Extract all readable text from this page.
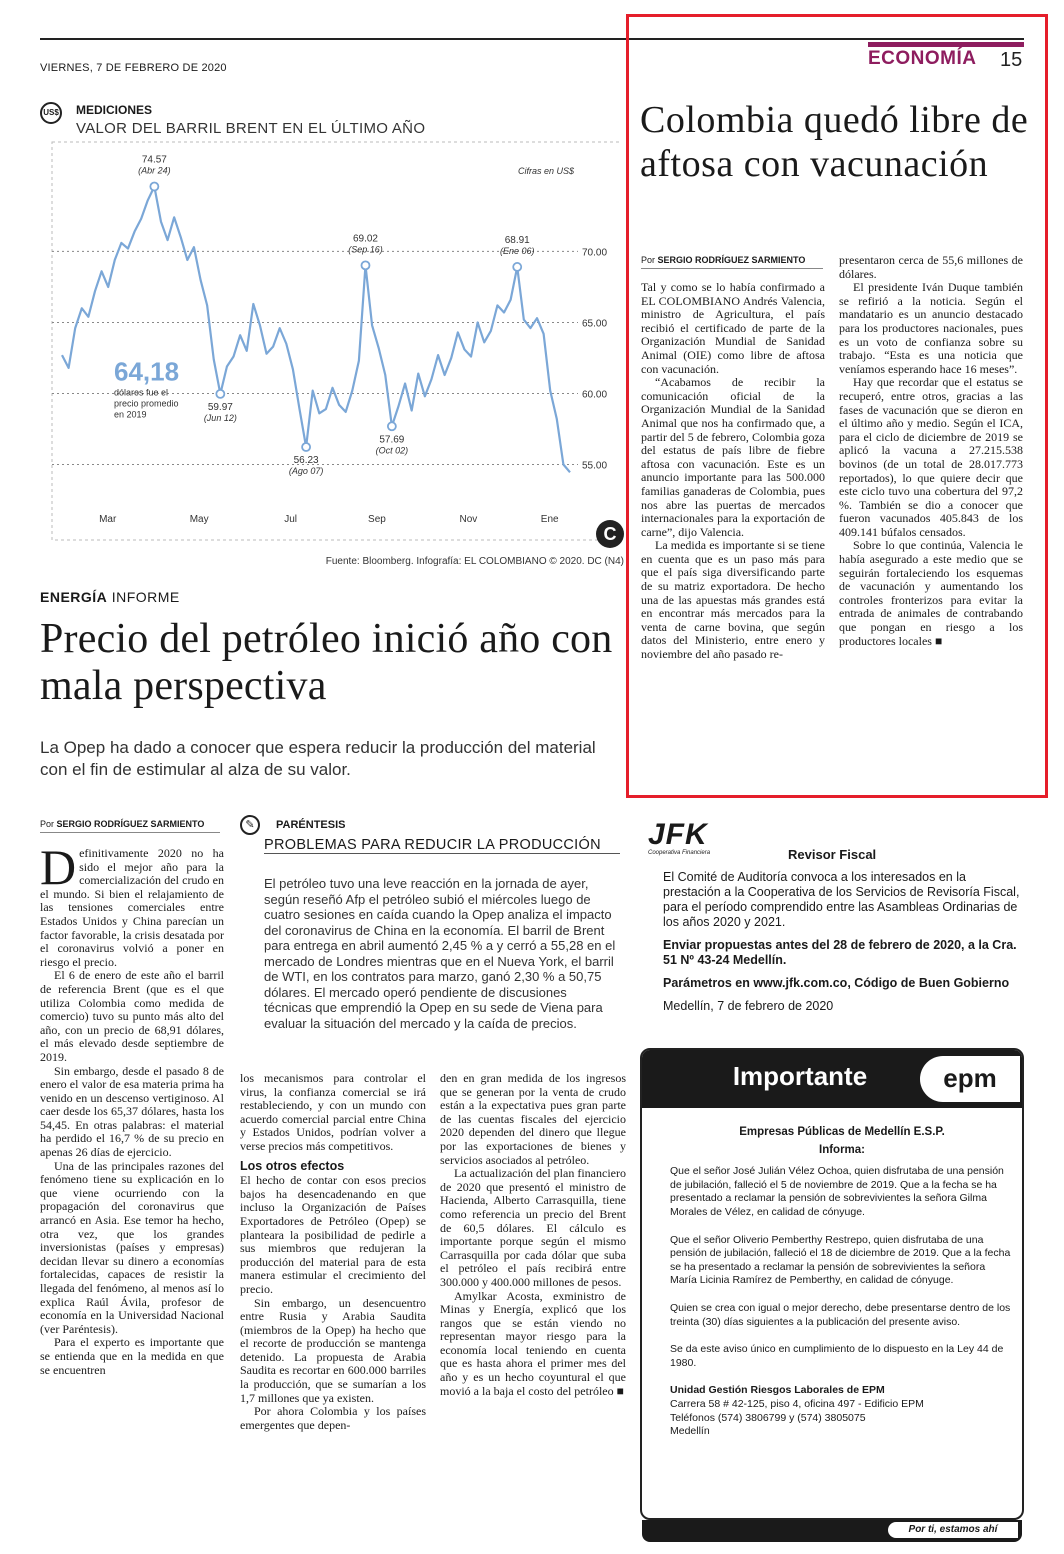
VIERNES, 7 DE FEBRERO DE 2020	ECONOMÍA 15
US$ MEDICIONES
VALOR DEL BARRIL BRENT EN EL ÚLTIMO AÑO
70.00
65.00
60.00
55.00
Mar	May	Jul	Sep	Nov	Ene
Cifras en US$
74.57
(Abr 24)
59.97
(Jun 12)
56.23
(Ago 07)
69.02
(Sep 16)
57.69
(Oct 02)
68.91
(Ene 06)
64,18
dólares fue el
precio promedio
en 2019
Fuente: Bloomberg. Infografía: EL COLOMBIANO © 2020. DC (N4)
C
ENERGÍA INFORME
Precio del petróleo inició año con mala perspectiva
La Opep ha dado a conocer que espera reducir la producción del material con el fin de estimular al alza de su valor.
Por SERGIO RODRÍGUEZ SARMIENTO
D efinitivamente 2020 no ha sido el mejor año para la comercialización del crudo en el mundo. Si bien el relajamiento de las tensiones comerciales entre Estados Unidos y China parecían un factor favorable, la crisis desatada por el coronavirus volvió a poner en riesgo el precio.

El 6 de enero de este año el barril de referencia Brent (que es el que utiliza Colombia como medida de comercio) tuvo su punto más alto del año, con un precio de 68,91 dólares, el más elevado desde septiembre de 2019.

Sin embargo, desde el pasado 8 de enero el valor de esa materia prima ha venido en un descenso vertiginoso. Al caer desde los 65,37 dólares, hasta los 54,45. En otras palabras: el material ha perdido el 16,7 % de su precio en apenas 26 días de ejercicio.

Una de las principales razones del fenómeno tiene su explicación en lo que viene ocurriendo con la propagación del coronavirus que arrancó en Asia. Ese temor ha hecho, otra vez, que los grandes inversionistas (países y empresas) decidan llevar su dinero a economías fortalecidas, capaces de resistir la llegada del fenómeno, al menos así lo explica Raúl Ávila, profesor de economía en la Universidad Nacional (ver Paréntesis).

Para el experto es importante que se entienda que en la medida en que se encuentren

✎	PARÉNTESIS
PROBLEMAS PARA REDUCIR LA PRODUCCIÓN
El petróleo tuvo una leve reacción en la jornada de ayer, según reseñó Afp el petróleo subió el miércoles luego de cuatro sesiones en caída cuando la Opep analiza el impacto del coronavirus de China en la economía. El barril de Brent para entrega en abril aumentó 2,45 % a y cerró a 55,28 en el mercado de Londres mientras que en el Nueva York, el barril de WTI, en los contratos para marzo, ganó 2,30 % a 50,75 dólares. El mercado operó pendiente de discusiones técnicas que emprendió la Opep en su sede de Viena para evaluar la situación del mercado y la caída de precios.

los mecanismos para controlar el virus, la confianza comercial se irá restableciendo, y con un mundo con acuerdo comercial parcial entre China y Estados Unidos, podrían volver a verse precios más competitivos.

Los otros efectos

El hecho de contar con esos precios bajos ha desencadenando en que incluso la Organización de Países Exportadores de Petróleo (Opep) se planteara la posibilidad de pedirle a sus miembros que redujeran la producción del material para de esta manera estimular el crecimiento del precio.

Sin embargo, un desencuentro entre Rusia y Arabia Saudita (miembros de la Opep) ha hecho que el recorte de producción se mantenga detenido. La propuesta de Arabia Saudita es recortar en 600.000 barriles la producción, que se sumarían a los 1,7 millones que ya existen.

Por ahora Colombia y los países emergentes que depen-

den en gran medida de los ingresos que se generan por la venta de crudo están a la expectativa pues gran parte de las cuentas fiscales del ejercicio 2020 dependen del dinero que llegue por las exportaciones de bienes y servicios asociados al petróleo.

La actualización del plan financiero de 2020 que presentó el ministro de Hacienda, Alberto Carrasquilla, tiene como referencia un precio del Brent de 60,5 dólares. El cálculo es importante porque según el mismo Carrasquilla por cada dólar que suba el petróleo el país recibirá entre 300.000 y 400.000 millones de pesos.

Amylkar Acosta, exministro de Minas y Energía, explicó que los rangos que se están viendo no representan mayor riesgo para la economía local teniendo en cuenta que es hasta ahora el primer mes del año y es un hecho coyuntural el que movió a la baja el costo del petróleo ■

Colombia quedó libre de aftosa con vacunación
Por SERGIO RODRÍGUEZ SARMIENTO

Tal y como se lo había confirmado a EL COLOMBIANO Andrés Valencia, ministro de Agricultura, el país recibió el certificado de parte de la Organización Mundial de Sanidad Animal (OIE) como libre de aftosa con vacunación.

“Acabamos de recibir la comunicación oficial de la Organización Mundial de la Sanidad Animal que nos ha confirmado que, a partir del 5 de febrero, Colombia goza del estatus de país libre de fiebre aftosa con vacunación. Este es un anuncio importante para las 500.000 familias ganaderas de Colombia, pues nos abre las puertas de mercados internacionales para la exportación de carne”, dijo Valencia.

La medida es importante si se tiene en cuenta que es un paso más para que el país siga diversificando parte de su matriz exportadora. De hecho una de las apuestas más grandes está en encontrar más mercados para la venta de carne bovina, que según datos del Ministerio, entre enero y noviembre del año pasado re-

presentaron cerca de 55,6 millones de dólares.

El presidente Iván Duque también se refirió a la noticia. Según el mandatario es un anuncio destacado para los productores nacionales, pues es un voto de confianza sobre su trabajo. “Esta es una noticia que veníamos esperando hace 16 meses”.

Hay que recordar que el estatus se recuperó, entre otros, gracias a las fases de vacunación que se dieron en el último año y medio. Según el ICA, para el ciclo de diciembre de 2019 se aplicó la vacuna a 27.215.538 bovinos (de un total de 28.017.773 reportados), lo que quiere decir que este ciclo tuvo una cobertura del 97,2 %. También se dio a conocer que fueron vacunados 405.843 de los 409.141 búfalos censados.

Sobre lo que continúa, Valencia le había asegurado a este medio que se seguirán fortaleciendo los esquemas de vacunación y aumentando los controles fronterizos para evitar la entrada de animales de contrabando que pongan en riesgo a los productores locales ■

JFK
Cooperativa Financiera	Revisor Fiscal

El Comité de Auditoría convoca a los interesados en la prestación a la Cooperativa de los Servicios de Revisoría Fiscal, para el período comprendido entre las Asambleas Ordinarias de los años 2020 y 2021.

Enviar propuestas antes del 28 de febrero de 2020, a la Cra. 51 Nº 43-24 Medellín.

Parámetros en www.jfk.com.co, Código de Buen Gobierno

Medellín, 7 de febrero de 2020

Importante	epm
Empresas Públicas de Medellín E.S.P.
Informa:

Que el señor José Julián Vélez Ochoa, quien disfrutaba de una pensión de jubilación, falleció el 5 de noviembre de 2019. Que a la fecha se ha presentado a reclamar la pensión de sobrevivientes la señora Gilma Morales de Vélez, en calidad de cónyuge.

Que el señor Oliverio Pemberthy Restrepo, quien disfrutaba de una pensión de jubilación, falleció el 18 de diciembre de 2019. Que a la fecha se ha presentado a reclamar la pensión de sobrevivientes la señora María Licinia Ramírez de Pemberthy, en calidad de cónyuge.

Quien se crea con igual o mejor derecho, debe presentarse dentro de los treinta (30) días siguientes a la publicación del presente aviso.

Se da este aviso único en cumplimiento de lo dispuesto en la Ley 44 de 1980.

Unidad Gestión Riesgos Laborales de EPM
Carrera 58 # 42-125, piso 4, oficina 497 - Edificio EPM
Teléfonos (574) 3806799 y (574) 3805075
Medellín
Por ti, estamos ahí
